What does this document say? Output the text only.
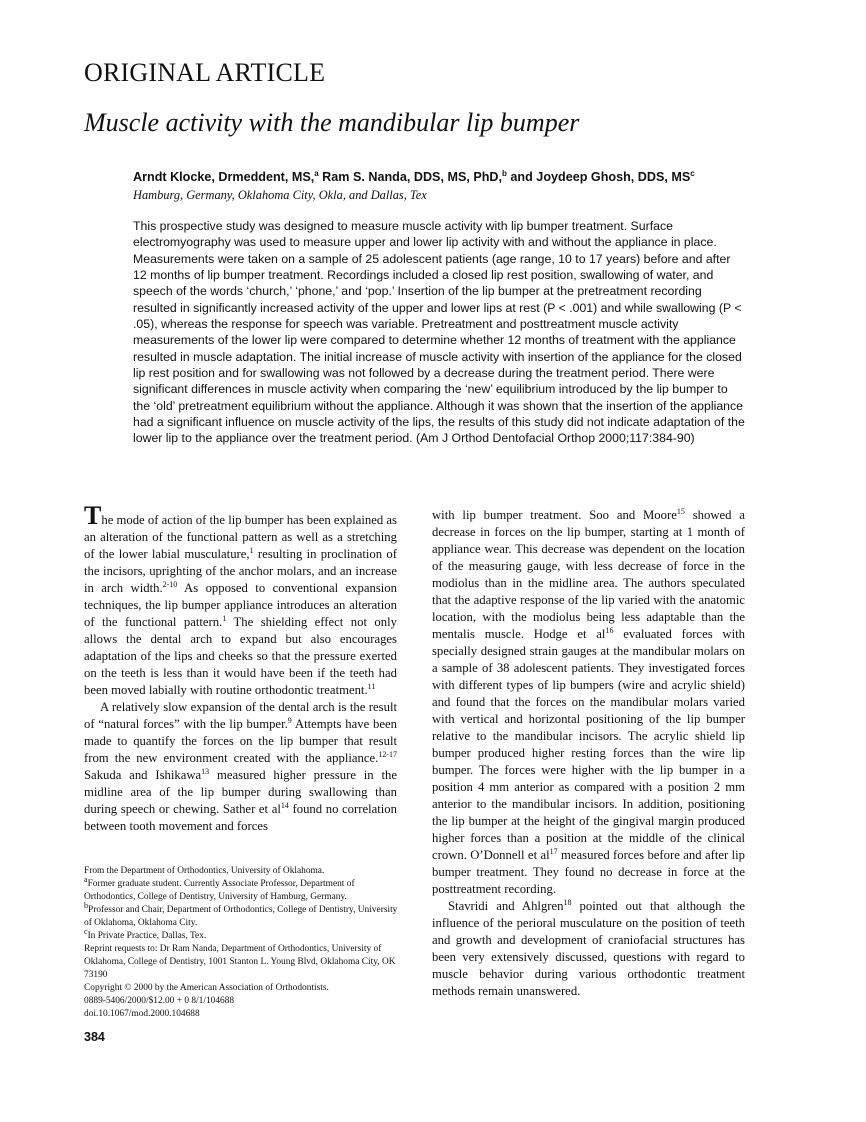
ORIGINAL ARTICLE
Muscle activity with the mandibular lip bumper
Arndt Klocke, Drmeddent, MS,$^a$ Ram S. Nanda, DDS, MS, PhD,$^b$ and Joydeep Ghosh, DDS, $MS^c$
Hamburg, Germany, Oklahoma City, Okla, and Dallas, Tex
This prospective study was designed to measure muscle activity with lip bumper treatment. Surface electromyography was used to measure upper and lower lip activity with and without the appliance in place. Measurements were taken on a sample of 25 adolescent patients (age range, 10 to 17 years) before and after 12 months of lip bumper treatment. Recordings included a closed lip rest position, swallowing of water, and speech of the words ‘church,’ ‘phone,’ and ‘pop.’ Insertion of the lip bumper at the pretreatment recording resulted in significantly increased activity of the upper and lower lips at rest (P < .001) and while swallowing (P < .05), whereas the response for speech was variable. Pretreatment and posttreatment muscle activity measurements of the lower lip were compared to determine whether 12 months of treatment with the appliance resulted in muscle adaptation. The initial increase of muscle activity with insertion of the appliance for the closed lip rest position and for swallowing was not followed by a decrease during the treatment period. There were significant differences in muscle activity when comparing the ‘new’ equilibrium introduced by the lip bumper to the ‘old’ pretreatment equilibrium without the appliance. Although it was shown that the insertion of the appliance had a significant influence on muscle activity of the lips, the results of this study did not indicate adaptation of the lower lip to the appliance over the treatment period. (Am J Orthod Dentofacial Orthop 2000;117:384-90)

The mode of action of the lip bumper has been explained as an alteration of the functional pattern as well as a stretching of the lower labial musculature,$^1$ resulting in proclination of the incisors, uprighting of the anchor molars, and an increase in arch width.$^{2-10}$ As opposed to conventional expansion techniques, the lip bumper appliance introduces an alteration of the functional pattern.$^1$ The shielding effect not only allows the dental arch to expand but also encourages adaptation of the lips and cheeks so that the pressure exerted on the teeth is less than it would have been if the teeth had been moved labially with routine orthodontic treatment.$^{11}$

A relatively slow expansion of the dental arch is the result of “natural forces” with the lip bumper.$^9$ Attempts have been made to quantify the forces on the lip bumper that result from the new environment created with the appliance.$^{12-17}$ Sakuda and Ishikawa$^{13}$ measured higher pressure in the midline area of the lip bumper during swallowing than during speech or chewing. Sather et $al^{14}$ found no correlation between tooth movement and forces

with lip bumper treatment. Soo and Moore$^{15}$ showed a decrease in forces on the lip bumper, starting at 1 month of appliance wear. This decrease was dependent on the location of the measuring gauge, with less decrease of force in the modiolus than in the midline area. The authors speculated that the adaptive response of the lip varied with the anatomic location, with the modiolus being less adaptable than the mentalis muscle. Hodge et $al^{16}$ evaluated forces with specially designed strain gauges at the mandibular molars on a sample of 38 adolescent patients. They investigated forces with different types of lip bumpers (wire and acrylic shield) and found that the forces on the mandibular molars varied with vertical and horizontal positioning of the lip bumper relative to the mandibular incisors. The acrylic shield lip bumper produced higher resting forces than the wire lip bumper. The forces were higher with the lip bumper in a position 4 mm anterior as compared with a position 2 mm anterior to the mandibular incisors. In addition, positioning the lip bumper at the height of the gingival margin produced higher forces than a position at the middle of the clinical crown. O’Donnell et $al^{17}$ measured forces before and after lip bumper treatment. They found no decrease in force at the posttreatment recording.

Stavridi and Ahlgren$^{18}$ pointed out that although the influence of the perioral musculature on the position of teeth and growth and development of craniofacial structures has been very extensively discussed, questions with regard to muscle behavior during various orthodontic treatment methods remain unanswered.

From the Department of Orthodontics, University of Oklahoma.
$^a$Former graduate student. Currently Associate Professor, Department of Orthodontics, College of Dentistry, University of Hamburg, Germany.
$^b$Professor and Chair, Department of Orthodontics, College of Dentistry, University of Oklahoma, Oklahoma City.
$^c$In Private Practice, Dallas, Tex.
Reprint requests to: Dr Ram Nanda, Department of Orthodontics, University of Oklahoma, College of Dentistry, 1001 Stanton L. Young Blvd, Oklahoma City, OK 73190
Copyright © 2000 by the American Association of Orthodontists.
0889-5406/2000/$12.00 + 0 8/1/104688
doi.10.1067/mod.2000.104688
384
